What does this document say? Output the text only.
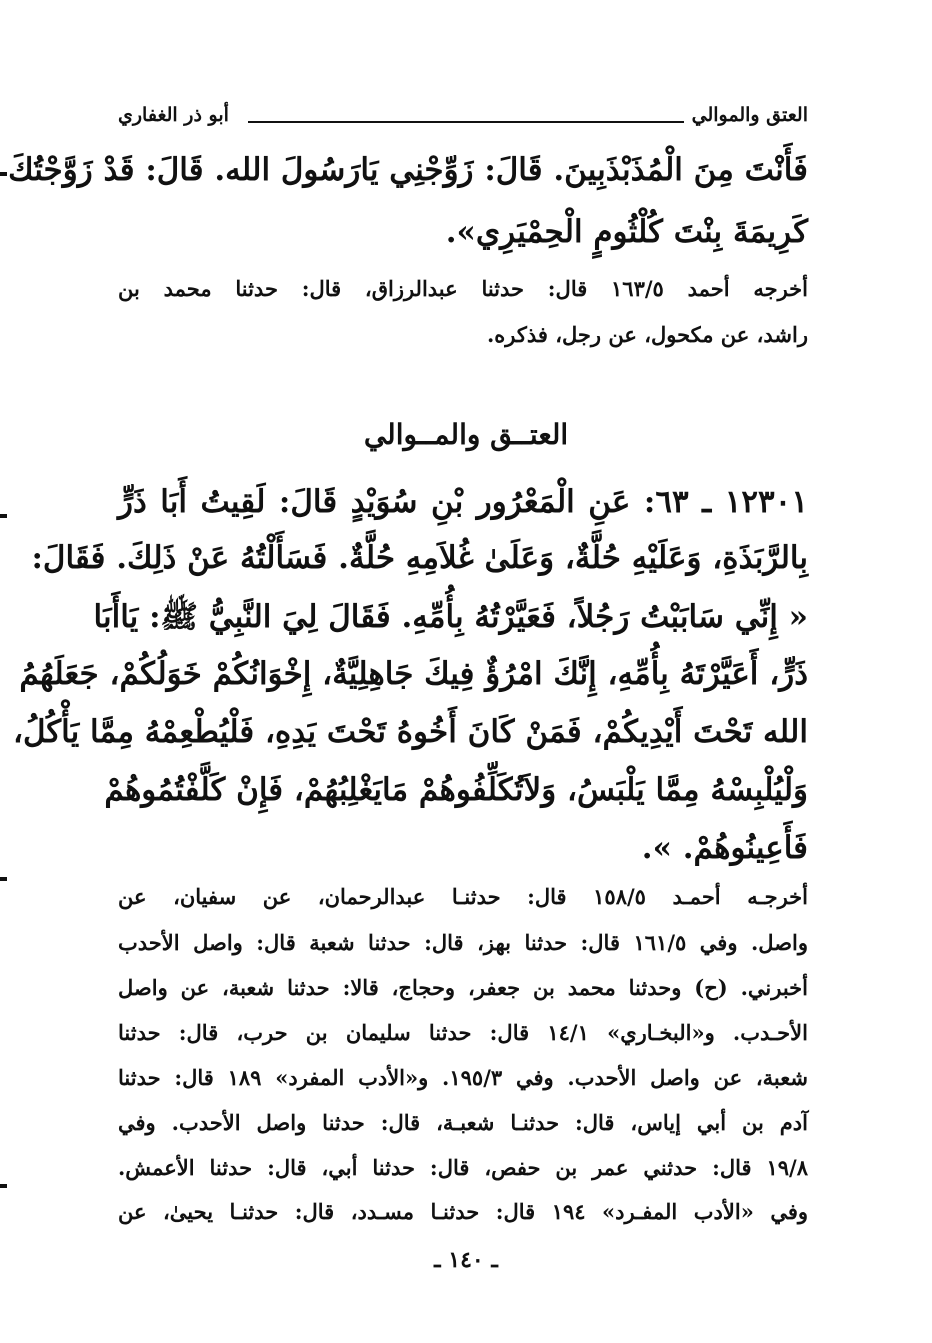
العتق والموالي
أبو ذر الغفاري
فَأَنْتَ مِنَ الْمُذَبْذَبِينَ. قَالَ: زَوِّجْنِي يَارَسُولَ الله. قَالَ: قَدْ زَوَّجْتُكَ
كَرِيمَةَ بِنْتَ كُلْثُومٍ الْحِمْيَرِي».
أخرجه أحمد ١٦٣/٥ قال: حدثنا عبدالرزاق، قال: حدثنا محمد بن
راشد، عن مكحول، عن رجل، فذكره.
العتــق والمــوالي
١٢٣٠١ ـ ٦٣: عَنِ الْمَعْرُور بْنِ سُوَيْدٍ قَالَ: لَقِيتُ أَبَا ذَرٍّ
بِالرَّبَذَةِ، وَعَلَيْهِ حُلَّةٌ، وَعَلَىٰ غُلاَمِهِ حُلَّةٌ. فَسَأَلْتُهُ عَنْ ذَلِكَ. فَقَالَ:
« إِنِّي سَابَبْتُ رَجُلاً، فَعَيَّرْتُهُ بِأُمِّهِ. فَقَالَ لِيَ النَّبِيُّ ﷺ: يَاأَبَا
ذَرٍّ، أَعَيَّرْتَهُ بِأُمِّهِ، إِنَّكَ امْرُؤٌ فِيكَ جَاهِلِيَّةٌ، إِخْوَانُكُمْ خَوَلُكُمْ، جَعَلَهُمُ
الله تَحْتَ أَيْدِيكُمْ، فَمَنْ كَانَ أَخُوهُ تَحْتَ يَدِهِ، فَلْيُطْعِمْهُ مِمَّا يَأْكُلُ،
وَلْيُلْبِسْهُ مِمَّا يَلْبَسُ، وَلاَتُكَلِّفُوهُمْ مَايَغْلِبُهُمْ، فَإِنْ كَلَّفْتُمُوهُمْ
فَأَعِينُوهُمْ. ».
أخرجـه أحمـد ١٥٨/٥ قال: حدثنـا عبدالرحمان، عن سفيان، عن
واصل. وفي ١٦١/٥ قال: حدثنا بهز، قال: حدثنا شعبة قال: واصل الأحدب
أخبرني. (ح) وحدثنا محمد بن جعفر، وحجاج، قالا: حدثنا شعبة، عن واصل
الأحـدب. و«البخـاري» ١٤/١ قال: حدثنا سليمان بن حرب، قال: حدثنا
شعبة، عن واصل الأحدب. وفي ١٩٥/٣. و«الأدب المفرد» ١٨٩ قال: حدثنا
آدم بن أبي إياس، قال: حدثنـا شعبـة، قال: حدثنا واصل الأحدب. وفي
١٩/٨ قال: حدثني عمر بن حفص، قال: حدثنا أبي، قال: حدثنا الأعمش.
وفي «الأدب المفـرد» ١٩٤ قال: حدثنـا مسـدد، قال: حدثنـا يحيىٰ، عن
ـ ١٤٠ ـ
